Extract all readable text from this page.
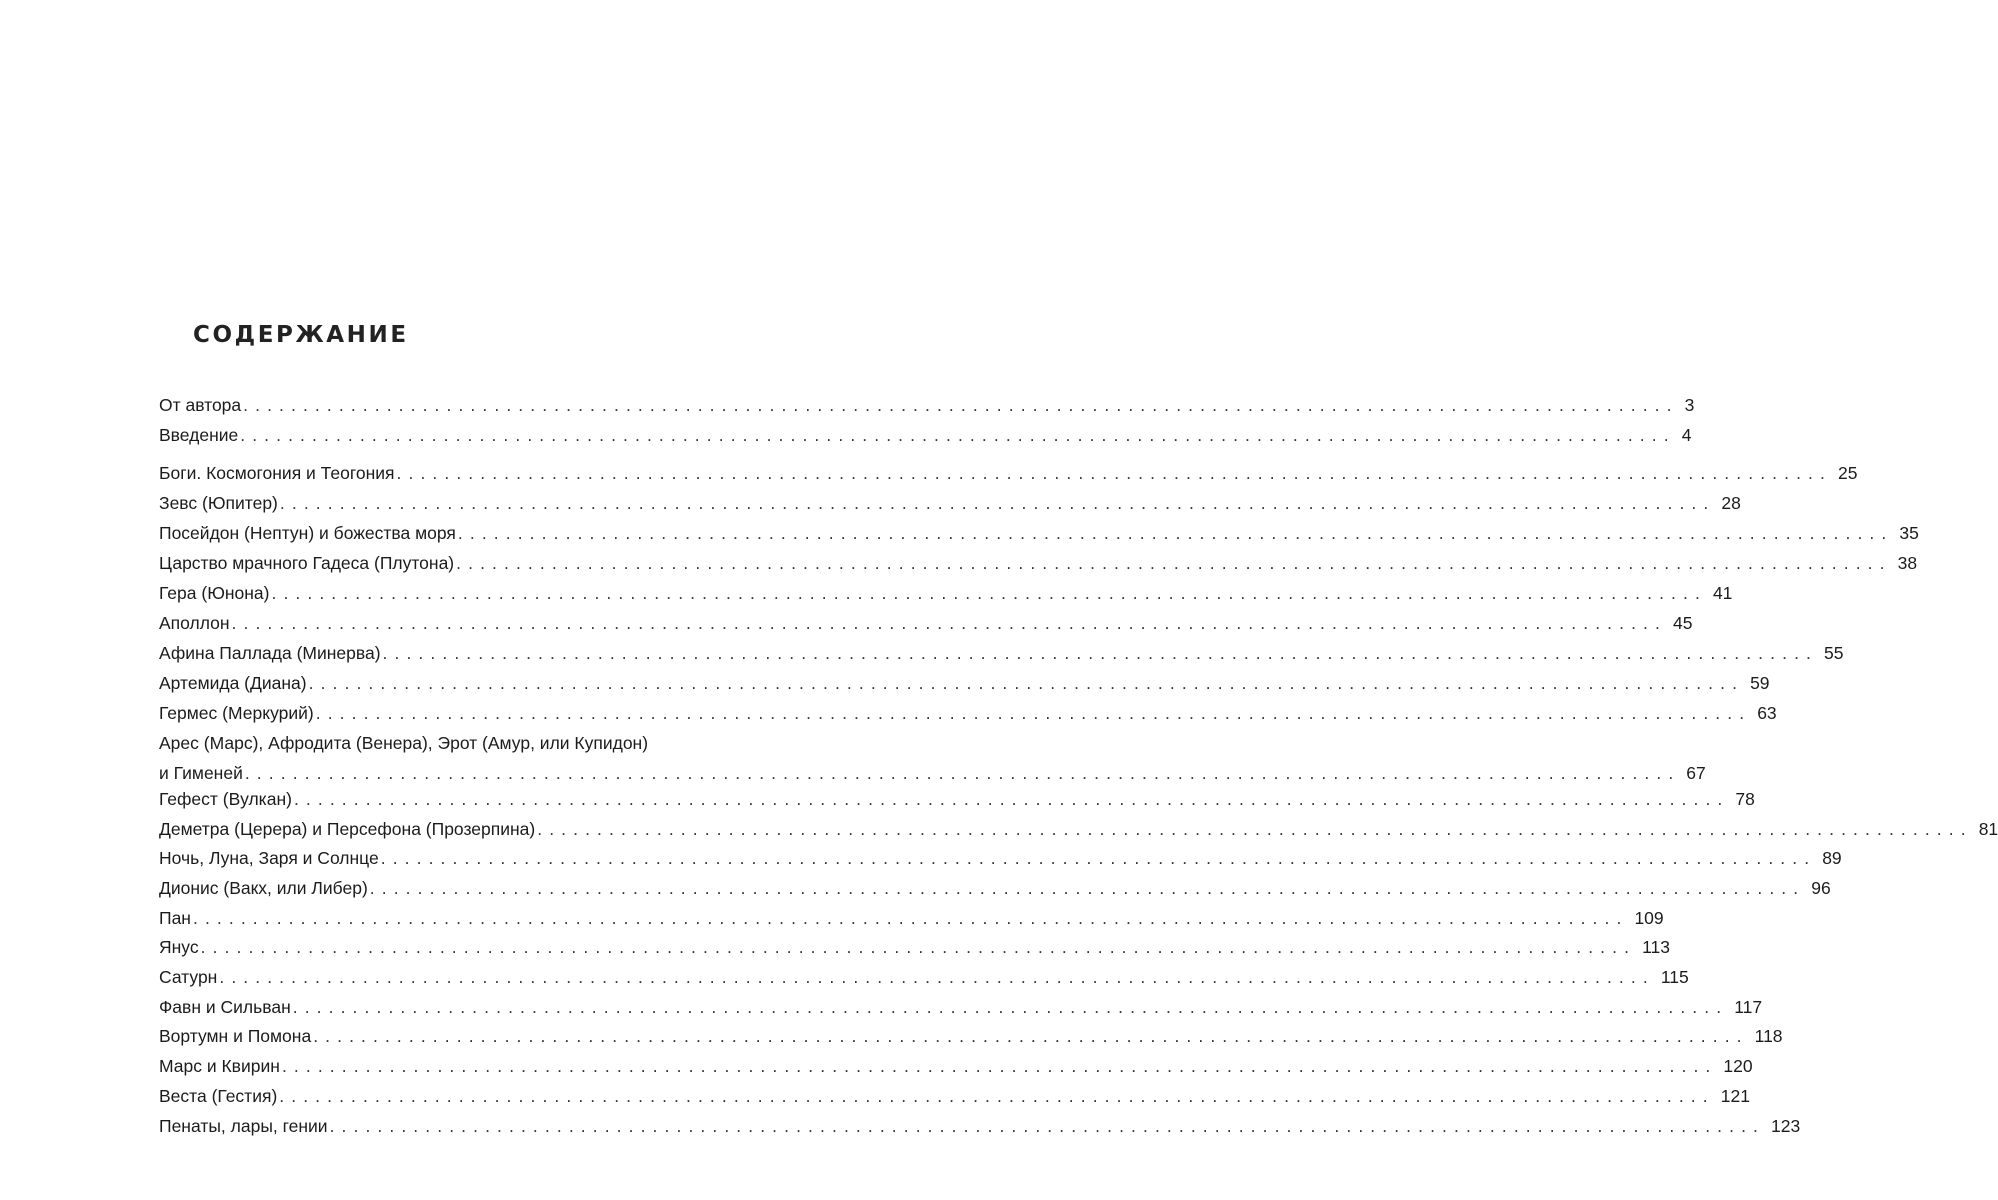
СОДЕРЖАНИЕ
От автора ........................................................................................................................ 3
Введение ........................................................................................................................ 4
Боги. Космогония и Теогония ........................................................................................................................ 25
Зевс (Юпитер) ........................................................................................................................ 28
Посейдон (Нептун) и божества моря ........................................................................................................................ 35
Царство мрачного Гадеса (Плутона) ........................................................................................................................ 38
Гера (Юнона) ........................................................................................................................ 41
Аполлон ........................................................................................................................ 45
Афина Паллада (Минерва) ........................................................................................................................ 55
Артемида (Диана) ........................................................................................................................ 59
Гермес (Меркурий) ........................................................................................................................ 63
Арес (Марс), Афродита (Венера), Эрот (Амур, или Купидон)
и Гименей ........................................................................................................................ 67
Гефест (Вулкан) ........................................................................................................................ 78
Деметра (Церера) и Персефона (Прозерпина) ........................................................................................................................ 81
Ночь, Луна, Заря и Солнце ........................................................................................................................ 89
Дионис (Вакх, или Либер) ........................................................................................................................ 96
Пан ........................................................................................................................ 109
Янус ........................................................................................................................ 113
Сатурн ........................................................................................................................ 115
Фавн и Сильван ........................................................................................................................ 117
Вортумн и Помона ........................................................................................................................ 118
Марс и Квирин ........................................................................................................................ 120
Веста (Гестия) ........................................................................................................................ 121
Пенаты, лары, гении ........................................................................................................................ 123
